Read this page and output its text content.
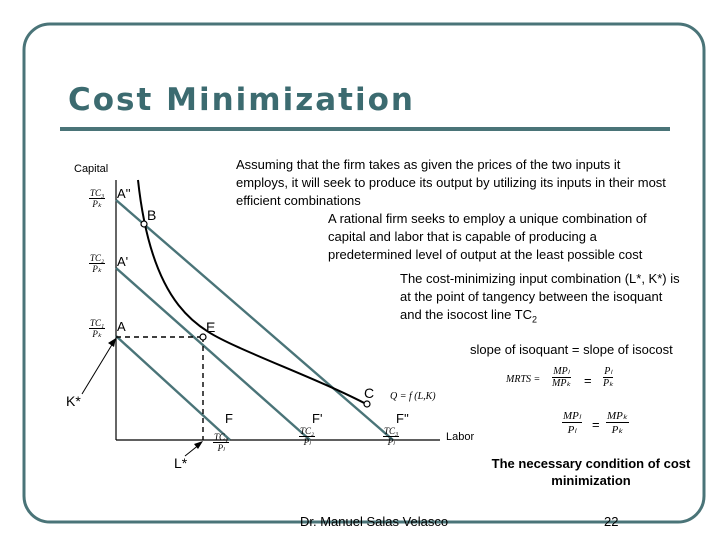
Cost Minimization
Capital
Labor
$\frac{\text{TC₃}}{\text{Pₖ}}$
$\frac{\text{TC₂}}{\text{Pₖ}}$
$\frac{\text{TC₁}}{\text{Pₖ}}$
$\frac{\text{TC₁}}{\text{Pₗ}}$	$\frac{\text{TC₂}}{\text{Pₗ}}$	$\frac{\text{TC₃}}{\text{Pₗ}}$
A''
A'
A
B
E
C
F	F'	F''
K*
L*
Q = f (L,K)
Assuming that the firm takes as given the prices of the two inputs it employs, it will seek to produce its output by utilizing its inputs in their most efficient combinations
A rational firm seeks to employ a unique combination of capital and labor that is capable of producing a predetermined level of output at the least possible cost
The cost-minimizing input combination (L*, K*) is at the point of tangency between the isoquant and the isocost line $TC_2$
slope of isoquant = slope of isocost
MRTS =
MPₗ
$MP_k = \frac{\text{Pₗ}}{\text{Pₖ}}$
MPₗ
Pₗ	=
MPₖ
Pₖ
The necessary condition of cost minimization
Dr. Manuel Salas Velasco	22
